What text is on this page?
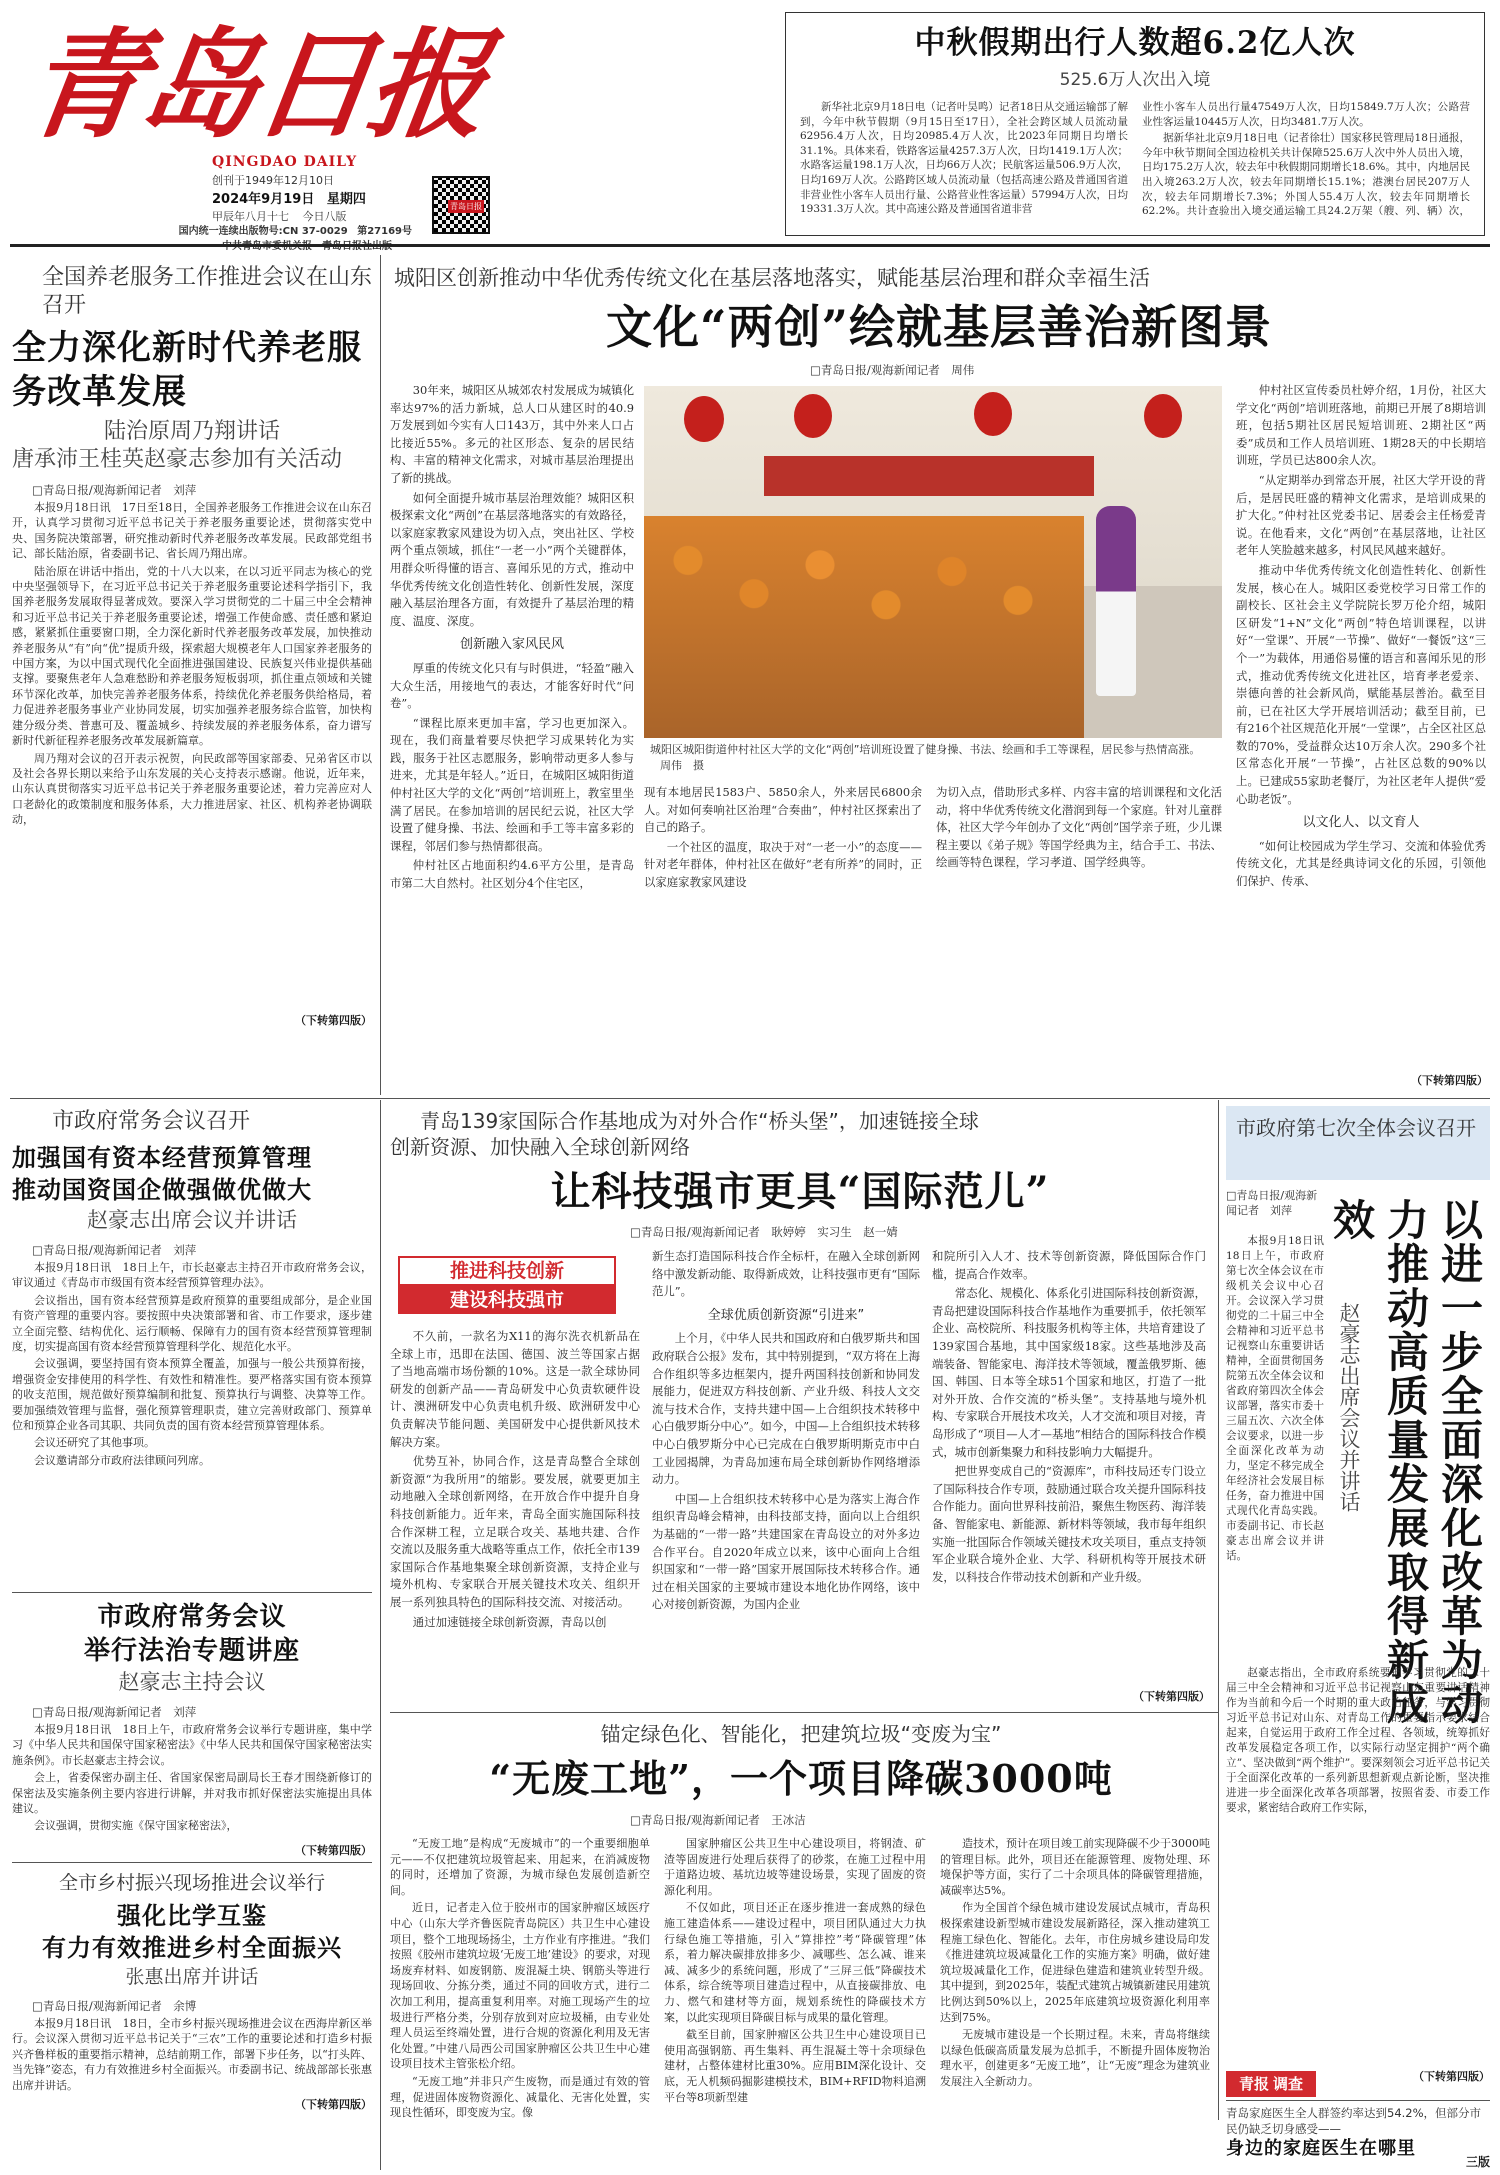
青岛日报
QINGDAO DAILY
创刊于1949年12月10日
2024年9月19日 星期四
甲辰年八月十七 今日八版
国内统一连续出版物号:CN 37-0029 第27169号
青岛日报
中秋假期出行人数超6.2亿人次
525.6万人次出入境

新华社北京9月18日电（记者叶昊鸣）记者18日从交通运输部了解到，今年中秋节假期（9月15日至17日），全社会跨区域人员流动量62956.4万人次，日均20985.4万人次，比2023年同期日均增长31.1%。具体来看，铁路客运量4257.3万人次，日均1419.1万人次；水路客运量198.1万人次，日均66万人次；民航客运量506.9万人次，日均169万人次。公路跨区域人员流动量（包括高速公路及普通国省道非营业性小客车人员出行量、公路营业性客运量）57994万人次，日均19331.3万人次。其中高速公路及普通国省道非营

业性小客车人员出行量47549万人次，日均15849.7万人次；公路营业性客运量10445万人次，日均3481.7万人次。

据新华社北京9月18日电（记者徐壮）国家移民管理局18日通报，今年中秋节期间全国边检机关共计保障525.6万人次中外人员出入境，日均175.2万人次，较去年中秋假期同期增长18.6%。其中，内地居民出入境263.2万人次，较去年同期增长15.1%；港澳台居民207万人次，较去年同期增长7.3%；外国人55.4万人次，较去年同期增长62.2%。共计查验出入境交通运输工具24.2万架（艘、列、辆）次，

全国养老服务工作推进会议在山东召开
全力深化新时代养老服务改革发展
陆治原周乃翔讲话
唐承沛王桂英赵豪志参加有关活动
□青岛日报/观海新闻记者　刘萍

本报9月18日讯　17日至18日，全国养老服务工作推进会议在山东召开，认真学习贯彻习近平总书记关于养老服务重要论述，贯彻落实党中央、国务院决策部署，研究推动新时代养老服务改革发展。民政部党组书记、部长陆治原，省委副书记、省长周乃翔出席。

陆治原在讲话中指出，党的十八大以来，在以习近平同志为核心的党中央坚强领导下，在习近平总书记关于养老服务重要论述科学指引下，我国养老服务发展取得显著成效。要深入学习贯彻党的二十届三中全会精神和习近平总书记关于养老服务重要论述，增强工作使命感、责任感和紧迫感，紧紧抓住重要窗口期，全力深化新时代养老服务改革发展，加快推动养老服务从“有”向“优”提质升级，探索超大规模老年人口国家养老服务的中国方案，为以中国式现代化全面推进强国建设、民族复兴伟业提供基础支撑。要聚焦老年人急难愁盼和养老服务短板弱项，抓住重点领域和关键环节深化改革，加快完善养老服务体系，持续优化养老服务供给格局，着力促进养老服务事业产业协同发展，切实加强养老服务综合监管，加快构建分级分类、普惠可及、覆盖城乡、持续发展的养老服务体系，奋力谱写新时代新征程养老服务改革发展新篇章。

周乃翔对会议的召开表示祝贺，向民政部等国家部委、兄弟省区市以及社会各界长期以来给予山东发展的关心支持表示感谢。他说，近年来，山东认真贯彻落实习近平总书记关于养老服务重要论述，着力完善应对人口老龄化的政策制度和服务体系，大力推进居家、社区、机构养老协调联动，

（下转第四版）
城阳区创新推动中华优秀传统文化在基层落地落实，赋能基层治理和群众幸福生活
文化“两创”绘就基层善治新图景
□青岛日报/观海新闻记者　周伟

30年来，城阳区从城郊农村发展成为城镇化率达97%的活力新城，总人口从建区时的40.9万发展到如今实有人口143万，其中外来人口占比接近55%。多元的社区形态、复杂的居民结构、丰富的精神文化需求，对城市基层治理提出了新的挑战。

如何全面提升城市基层治理效能？城阳区积极探索文化“两创”在基层落地落实的有效路径，以家庭家教家风建设为切入点，突出社区、学校两个重点领域，抓住“一老一小”两个关键群体，用群众听得懂的语言、喜闻乐见的方式，推动中华优秀传统文化创造性转化、创新性发展，深度融入基层治理各方面，有效提升了基层治理的精度、温度、深度。

创新融入家风民风

厚重的传统文化只有与时俱进，“轻盈”融入大众生活，用接地气的表达，才能客好时代“问卷”。

“课程比原来更加丰富，学习也更加深入。现在，我们商量着要尽快把学习成果转化为实践，服务于社区志愿服务，影响带动更多人参与进来，尤其是年轻人。”近日，在城阳区城阳街道仲村社区大学的文化“两创”培训班上，教室里坐满了居民。在参加培训的居民纪云说，社区大学设置了健身操、书法、绘画和手工等丰富多彩的课程，邻居们参与热情都很高。

仲村社区占地面积约4.6平方公里，是青岛市第二大自然村。社区划分4个住宅区，

城阳区城阳街道仲村社区大学的文化“两创”培训班设置了健身操、书法、绘画和手工等课程，居民参与热情高涨。 周伟　摄

现有本地居民1583户、5850余人，外来居民6800余人。对如何奏响社区治理“合奏曲”，仲村社区探索出了自己的路子。

一个社区的温度，取决于对“一老一小”的态度——针对老年群体，仲村社区在做好“老有所养”的同时，正以家庭家教家风建设

为切入点，借助形式多样、内容丰富的培训课程和文化活动，将中华优秀传统文化潜润到每一个家庭。针对儿童群体，社区大学今年创办了文化“两创”国学亲子班，少儿课程主要以《弟子规》等国学经典为主，结合手工、书法、绘画等特色课程，学习孝道、国学经典等。

仲村社区宣传委员杜婷介绍，1月份，社区大学文化“两创”培训班落地，前期已开展了8期培训班，包括5期社区居民短培训班、2期社区“两委”成员和工作人员培训班、1期28天的中长期培训班，学员已达800余人次。

“从定期举办到常态开展，社区大学开设的背后，是居民旺盛的精神文化需求，是培训成果的扩大化。”仲村社区党委书记、居委会主任杨爱青说。在他看来，文化“两创”在基层落地，让社区老年人笑脸越来越多，村风民风越来越好。

推动中华优秀传统文化创造性转化、创新性发展，核心在人。城阳区委党校学习日常工作的副校长、区社会主义学院院长罗万伦介绍，城阳区研发“1+N”文化“两创”特色培训课程，以讲好“一堂课”、开展“一节操”、做好“一餐饭”这“三个一”为载体，用通俗易懂的语言和喜闻乐见的形式，推动优秀传统文化进社区，培育孝老爱亲、崇德向善的社会新风尚，赋能基层善治。截至目前，已在社区大学开展培训活动；截至目前，已有216个社区规范化开展“一堂课”，占全区社区总数的70%，受益群众达10万余人次。290多个社区常态化开展“一节操”，占社区总数的90%以上。已建成55家助老餐厅，为社区老年人提供“爱心助老饭”。

以文化人、以文育人

“如何让校园成为学生学习、交流和体验优秀传统文化，尤其是经典诗词文化的乐园，引领他们保护、传承、

（下转第四版）
市政府常务会议召开
加强国有资本经营预算管理
推动国资国企做强做优做大
赵豪志出席会议并讲话
□青岛日报/观海新闻记者　刘萍

本报9月18日讯　18日上午，市长赵豪志主持召开市政府常务会议，审议通过《青岛市市级国有资本经营预算管理办法》。

会议指出，国有资本经营预算是政府预算的重要组成部分，是企业国有资产管理的重要内容。要按照中央决策部署和省、市工作要求，逐步建立全面完整、结构优化、运行顺畅、保障有力的国有资本经营预算管理制度，切实提高国有资本经营预算管理科学化、规范化水平。

会议强调，要坚持国有资本预算全覆盖，加强与一般公共预算衔接，增强资金安排使用的科学性、有效性和精准性。要严格落实国有资本预算的收支范围，规范做好预算编制和批复、预算执行与调整、决算等工作。要加强绩效管理与监督，强化预算管理职责，建立完善财政部门、预算单位和预算企业各司其职、共同负责的国有资本经营预算管理体系。

会议还研究了其他事项。

会议邀请部分市政府法律顾问列席。

市政府常务会议
举行法治专题讲座
赵豪志主持会议
□青岛日报/观海新闻记者　刘萍

本报9月18日讯　18日上午，市政府常务会议举行专题讲座，集中学习《中华人民共和国保守国家秘密法》《中华人民共和国保守国家秘密法实施条例》。市长赵豪志主持会议。

会上，省委保密办副主任、省国家保密局副局长王春才围绕新修订的保密法及实施条例主要内容进行讲解，并对我市抓好保密法实施提出具体建议。

会议强调，贯彻实施《保守国家秘密法》，

（下转第四版）
全市乡村振兴现场推进会议举行
强化比学互鉴
有力有效推进乡村全面振兴
张惠出席并讲话
□青岛日报/观海新闻记者　余博

本报9月18日讯　18日，全市乡村振兴现场推进会议在西海岸新区举行。会议深入贯彻习近平总书记关于“三农”工作的重要论述和打造乡村振兴齐鲁样板的重要指示精神，总结前期工作，部署下步任务，以“打头阵、当先锋”姿态，有力有效推进乡村全面振兴。市委副书记、统战部部长张惠出席并讲话。

（下转第四版）
青岛139家国际合作基地成为对外合作“桥头堡”，加速链接全球
创新资源、加快融入全球创新网络
让科技强市更具“国际范儿”
□青岛日报/观海新闻记者　耿婷婷　实习生　赵一婧
推进科技创新
建设科技强市

不久前，一款名为X11的海尔洗衣机新品在全球上市，迅即在法国、德国、波兰等国家占据了当地高端市场份额的10%。这是一款全球协同研发的创新产品——青岛研发中心负责软硬件设计、澳洲研发中心负责电机升级、欧洲研发中心负责解决节能问题、美国研发中心提供新风技术解决方案。

优势互补，协同合作，这是青岛整合全球创新资源“为我所用”的缩影。要发展，就要更加主动地融入全球创新网络，在开放合作中提升自身科技创新能力。近年来，青岛全面实施国际科技合作深耕工程，立足联合攻关、基地共建、合作交流以及服务重大战略等重点工作，依托全市139家国际合作基地集聚全球创新资源，支持企业与境外机构、专家联合开展关键技术攻关、组织开展一系列独具特色的国际科技交流、对接活动。

通过加速链接全球创新资源，青岛以创

新生态打造国际科技合作全标杆，在融入全球创新网络中激发新动能、取得新成效，让科技强市更有“国际范儿”。

全球优质创新资源“引进来”

上个月，《中华人民共和国政府和白俄罗斯共和国政府联合公报》发布，其中特别提到，“双方将在上海合作组织等多边框架内，提升两国科技创新和协同发展能力，促进双方科技创新、产业升级、科技人文交流与技术合作，支持共建中国—上合组织技术转移中心白俄罗斯分中心”。如今，中国—上合组织技术转移中心白俄罗斯分中心已完成在白俄罗斯明斯克市中白工业园揭牌，为青岛加速布局全球创新协作网络增添动力。

中国—上合组织技术转移中心是为落实上海合作组织青岛峰会精神，由科技部支持，面向以上合组织为基础的“一带一路”共建国家在青岛设立的对外多边合作平台。自2020年成立以来，该中心面向上合组织国家和“一带一路”国家开展国际技术转移合作。通过在相关国家的主要城市建设本地化协作网络，该中心对接创新资源，为国内企业

和院所引入人才、技术等创新资源，降低国际合作门槛，提高合作效率。

常态化、规模化、体系化引进国际科技创新资源，青岛把建设国际科技合作基地作为重要抓手，依托领军企业、高校院所、科技服务机构等主体，共培育建设了139家国合基地，其中国家级18家。这些基地涉及高端装备、智能家电、海洋技术等领域，覆盖俄罗斯、德国、韩国、日本等全球51个国家和地区，打造了一批对外开放、合作交流的“桥头堡”。支持基地与境外机构、专家联合开展技术攻关，人才交流和项目对接，青岛形成了“项目—人才—基地”相结合的国际科技合作模式，城市创新集聚力和科技影响力大幅提升。

把世界变成自己的“资源库”，市科技局还专门设立了国际科技合作专项，鼓励通过联合攻关提升国际科技合作能力。面向世界科技前沿，聚焦生物医药、海洋装备、智能家电、新能源、新材料等领域，我市每年组织实施一批国际合作领域关键技术攻关项目，重点支持领军企业联合境外企业、大学、科研机构等开展技术研发，以科技合作带动技术创新和产业升级。

（下转第四版）
市政府第七次全体会议召开
以进一步全面深化改革为动力推动高质量发展取得新成效
赵豪志出席会议并讲话
□青岛日报/观海新闻记者　刘萍

本报9月18日讯　18日上午，市政府第七次全体会议在市级机关会议中心召开。会议深入学习贯彻党的二十届三中全会精神和习近平总书记视察山东重要讲话精神，全面贯彻国务院第五次全体会议和省政府第四次全体会议部署，落实市委十三届五次、六次全体会议要求，以进一步全面深化改革为动力，坚定不移完成全年经济社会发展目标任务，奋力推进中国式现代化青岛实践。市委副书记、市长赵豪志出席会议并讲话。

赵豪志指出，全市政府系统要把学习贯彻党的二十届三中全会精神和习近平总书记视察山东重要讲话精神作为当前和今后一个时期的重大政治任务，与学习贯彻习近平总书记对山东、对青岛工作的重要指示要求结合起来，自觉运用于政府工作全过程、各领域，统筹抓好改革发展稳定各项工作，以实际行动坚定拥护“两个确立”、坚决做到“两个维护”。要深刻领会习近平总书记关于全面深化改革的一系列新思想新观点新论断，坚决推进进一步全面深化改革各项部署，按照省委、市委工作要求，紧密结合政府工作实际，

（下转第四版）
锚定绿色化、智能化，把建筑垃圾“变废为宝”
“无废工地”，一个项目降碳3000吨
□青岛日报/观海新闻记者　王冰洁

“无废工地”是构成“无废城市”的一个重要细胞单元——不仅把建筑垃圾管起来、用起来，在消减废物的同时，还增加了资源，为城市绿色发展创造新空间。

近日，记者走入位于胶州市的国家肿瘤区域医疗中心（山东大学齐鲁医院青岛院区）共卫生中心建设项目，整个工地现场扬尘，土方作业有序推进。“我们按照《胶州市建筑垃圾‘无废工地’建设》的要求，对现场废弃材料、如废钢筋、废混凝土块、钢筋头等进行现场回收、分拣分类，通过不同的回收方式，进行二次加工利用，提高重复利用率。对施工现场产生的垃圾进行严格分类，分别存放到对应垃圾桶，由专业处理人员运至终端处置，进行合规的资源化利用及无害化处置。”中建八局西公司国家肿瘤区公共卫生中心建设项目技术主管张松介绍。

“无废工地”并非只产生废物，而是通过有效的管理，促进固体废物资源化、减量化、无害化处置，实现良性循环，即变废为宝。像

国家肿瘤区公共卫生中心建设项目，将钢渣、矿渣等固废进行处理后获得了的砂浆，在施工过程中用于道路边坡、基坑边坡等建设场景，实现了固废的资源化利用。

不仅如此，项目还正在逐步推进一套成熟的绿色施工建造体系——建设过程中，项目团队通过大力执行绿色施工等措施，引入“算排控”考“降碳管理”体系，着力解决碳排放排多少、减哪些、怎么减、谁来减、减多少的系统问题，形成了“三屏三低”降碳技术体系，综合统等项目建造过程中，从直接碳排放、电力、燃气和建材等方面，规划系统性的降碳技术方案，以此实现项目降碳目标与成果的量化管理。

截至目前，国家肿瘤区公共卫生中心建设项目已使用高强钢筋、再生集料、再生混凝土等十余项绿色建材，占整体建材比重30%。应用BIM深化设计、交底，无人机频码掘影建模技术，BIM+RFID物料追溯平台等8项新型建

造技术，预计在项目竣工前实现降碳不少于3000吨的管理目标。此外，项目还在能源管理、废物处理、环境保护等方面，实行了二十余项具体的降碳管理措施，减碳率达5%。

作为全国首个绿色城市建设发展试点城市，青岛积极探索建设新型城市建设发展新路径，深入推动建筑工程施工绿色化、智能化。去年，市住房城乡建设局印发《推进建筑垃圾减量化工作的实施方案》明确，做好建筑垃圾减量化工作，促进绿色建造和建筑业转型升级。其中提到，到2025年，装配式建筑占城镇新建民用建筑比例达到50%以上，2025年底建筑垃圾资源化利用率达到75%。

无废城市建设是一个长期过程。未来，青岛将继续以绿色低碳高质量发展为总抓手，不断提升固体废物治理水平，创建更多“无废工地”，让“无废”理念为建筑业发展注入全新动力。	青报 调查
青岛家庭医生全人群签约率达到54.2%，但部分市民仍缺乏切身感受——
身边的家庭医生在哪里
三版
